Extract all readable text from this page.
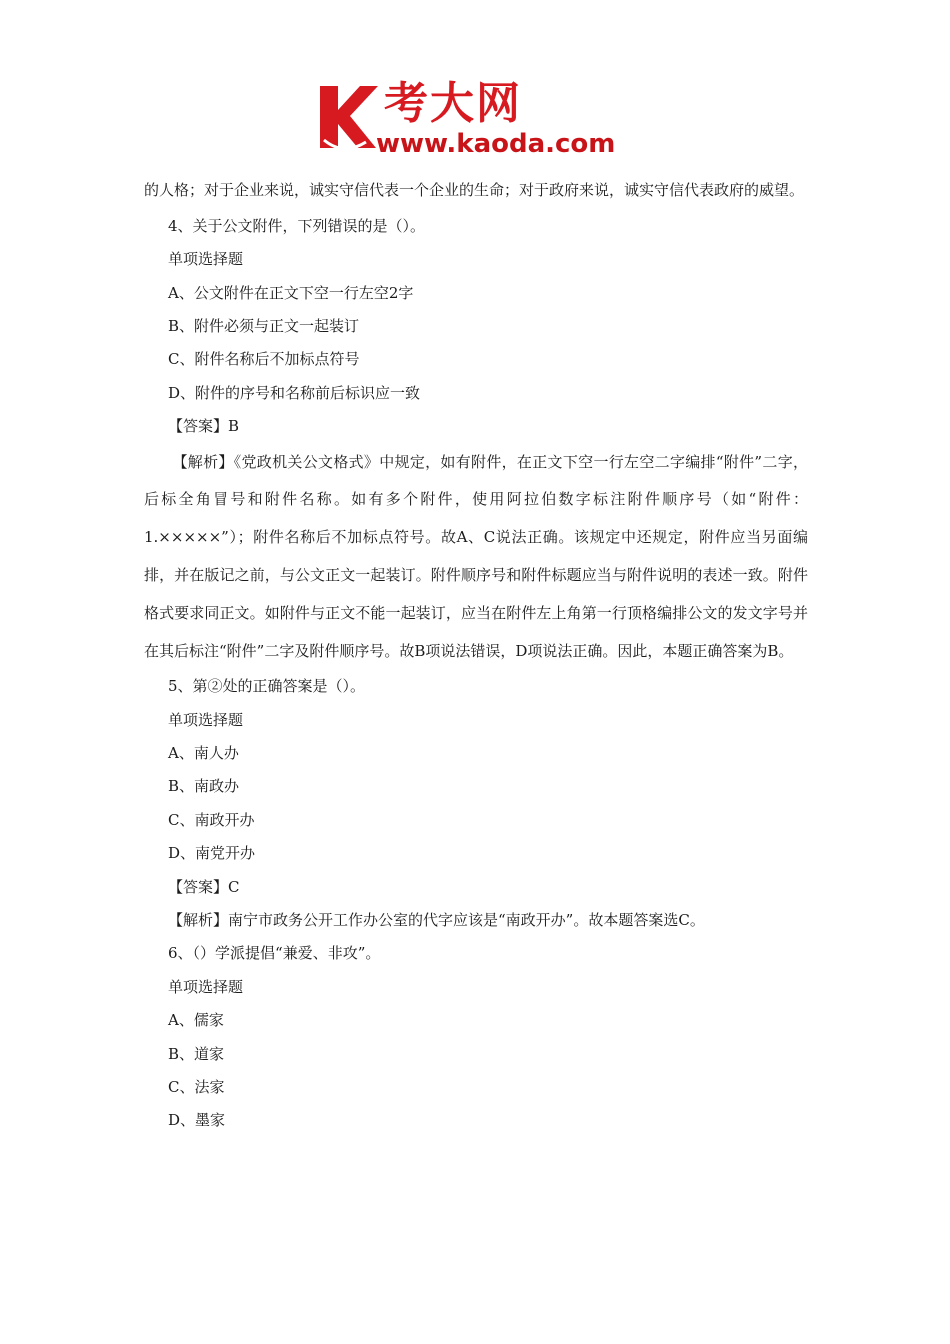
考大网
www.kaoda.com
的人格；对于企业来说，诚实守信代表一个企业的生命；对于政府来说，诚实守信代表政府的威望。
4、关于公文附件，下列错误的是（）。
单项选择题
A、公文附件在正文下空一行左空2字
B、附件必须与正文一起装订
C、附件名称后不加标点符号
D、附件的序号和名称前后标识应一致
【答案】B
【解析】《党政机关公文格式》中规定，如有附件，在正文下空一行左空二字编排“附件”二字，后标全角冒号和附件名称。如有多个附件，使用阿拉伯数字标注附件顺序号（如“附件：1.×××××”）；附件名称后不加标点符号。故A、C说法正确。该规定中还规定，附件应当另面编排，并在版记之前，与公文正文一起装订。附件顺序号和附件标题应当与附件说明的表述一致。附件格式要求同正文。如附件与正文不能一起装订，应当在附件左上角第一行顶格编排公文的发文字号并在其后标注“附件”二字及附件顺序号。故B项说法错误，D项说法正确。因此，本题正确答案为B。
5、第②处的正确答案是（）。
单项选择题
A、南人办
B、南政办
C、南政开办
D、南党开办
【答案】C
【解析】南宁市政务公开工作办公室的代字应该是“南政开办”。故本题答案选C。
6、（）学派提倡“兼爱、非攻”。
单项选择题
A、儒家
B、道家
C、法家
D、墨家
